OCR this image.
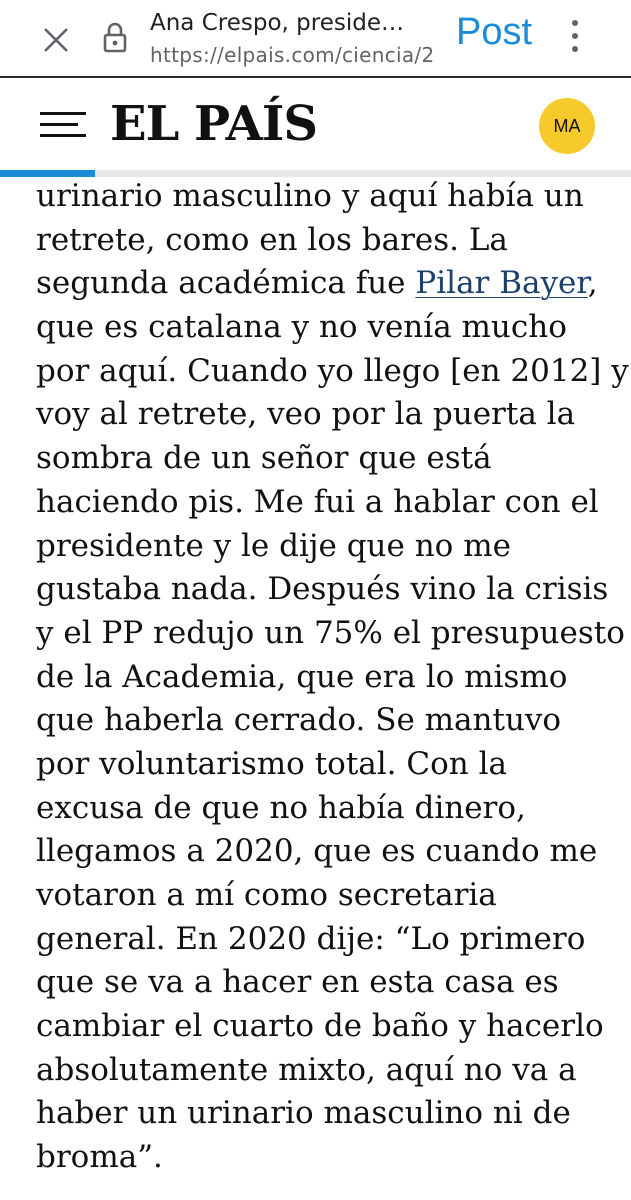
Ana Crespo, preside…
https://elpais.com/ciencia/2
Post
EL PAÍS	MA
urinario masculino y aquí había un
retrete, como en los bares. La
segunda académica fue Pilar Bayer,
que es catalana y no venía mucho
por aquí. Cuando yo llego [en 2012] y
voy al retrete, veo por la puerta la
sombra de un señor que está
haciendo pis. Me fui a hablar con el
presidente y le dije que no me
gustaba nada. Después vino la crisis
y el PP redujo un 75% el presupuesto
de la Academia, que era lo mismo
que haberla cerrado. Se mantuvo
por voluntarismo total. Con la
excusa de que no había dinero,
llegamos a 2020, que es cuando me
votaron a mí como secretaria
general. En 2020 dije: “Lo primero
que se va a hacer en esta casa es
cambiar el cuarto de baño y hacerlo
absolutamente mixto, aquí no va a
haber un urinario masculino ni de
broma”.
